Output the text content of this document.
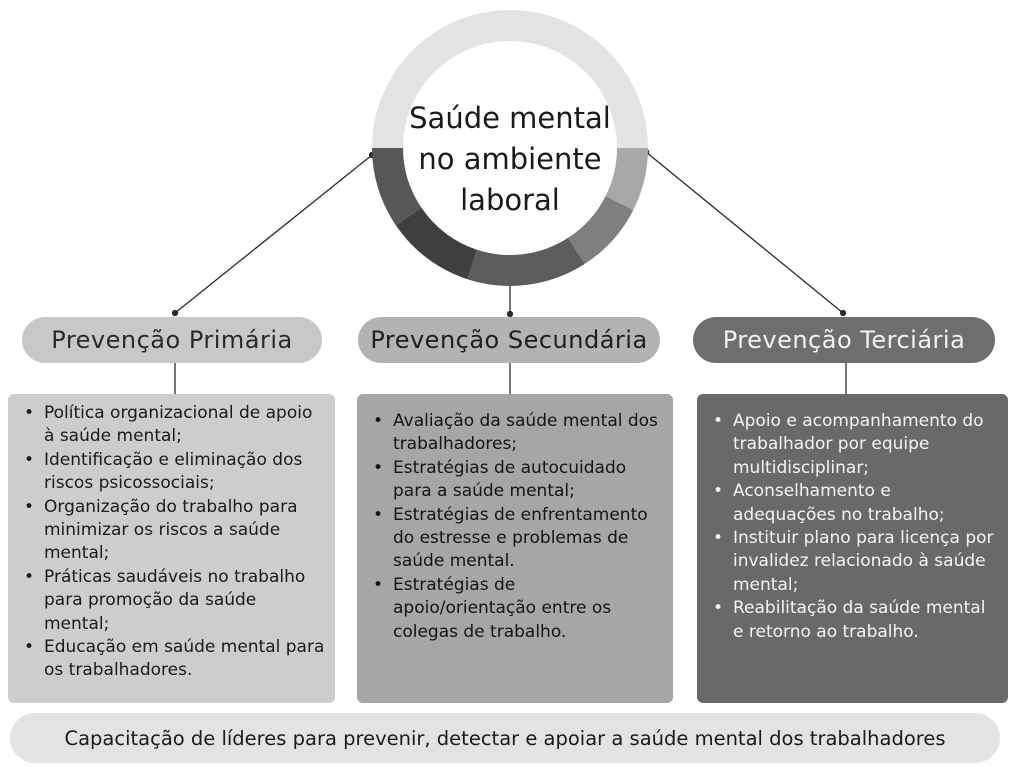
Saúde mental
no ambiente
laboral
Prevenção Primária	Prevenção Secundária	Prevenção Terciária
• Política organizacional de apoio à saúde mental;
• Identificação e eliminação dos riscos psicossociais;
• Organização do trabalho para minimizar os riscos a saúde mental;
• Práticas saudáveis no trabalho para promoção da saúde mental;
• Educação em saúde mental para os trabalhadores.
• Avaliação da saúde mental dos trabalhadores;
• Estratégias de autocuidado para a saúde mental;
• Estratégias de enfrentamento do estresse e problemas de saúde mental.
• Estratégias de apoio/orientação entre os colegas de trabalho.
• Apoio e acompanhamento do trabalhador por equipe multidisciplinar;
• Aconselhamento e adequações no trabalho;
• Instituir plano para licença por invalidez relacionado à saúde mental;
• Reabilitação da saúde mental e retorno ao trabalho.
Capacitação de líderes para prevenir, detectar e apoiar a saúde mental dos trabalhadores
